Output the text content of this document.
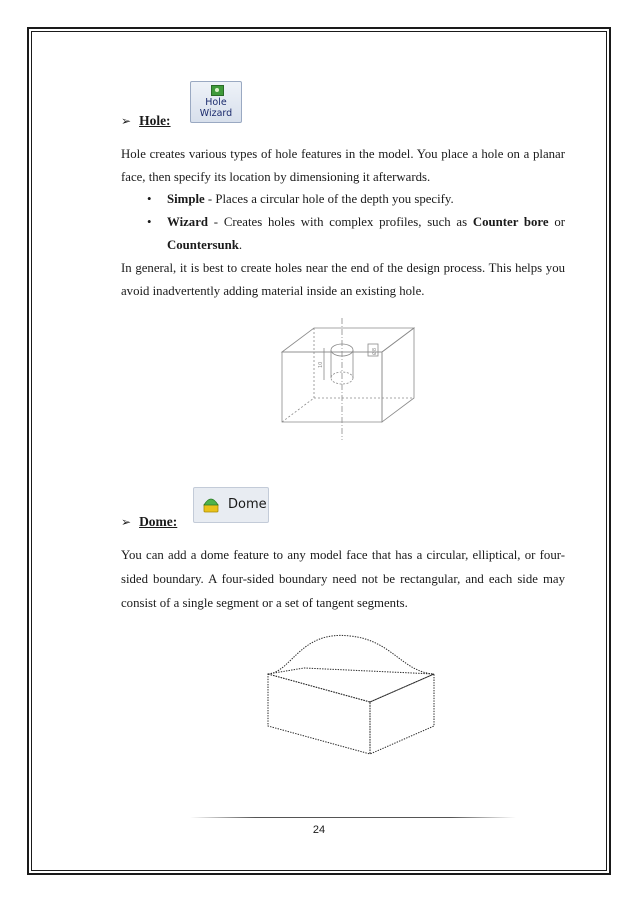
Hole
Wizard
➢ Hole:

Hole creates various types of hole features in the model. You place a hole on a planar
face, then specify its location by dimensioning it afterwards.

• Simple - Places a circular hole of the depth you specify.
• Wizard - Creates holes with complex profiles, such as Counter bore or
Countersunk.

In general, it is best to create holes near the end of the design process. This helps you
avoid inadvertently adding material inside an existing hole.

Ø8
10
Dome
➢ Dome:

You can add a dome feature to any model face that has a circular, elliptical, or four-
sided boundary. A four-sided boundary need not be rectangular, and each side may
consist of a single segment or a set of tangent segments.

24
